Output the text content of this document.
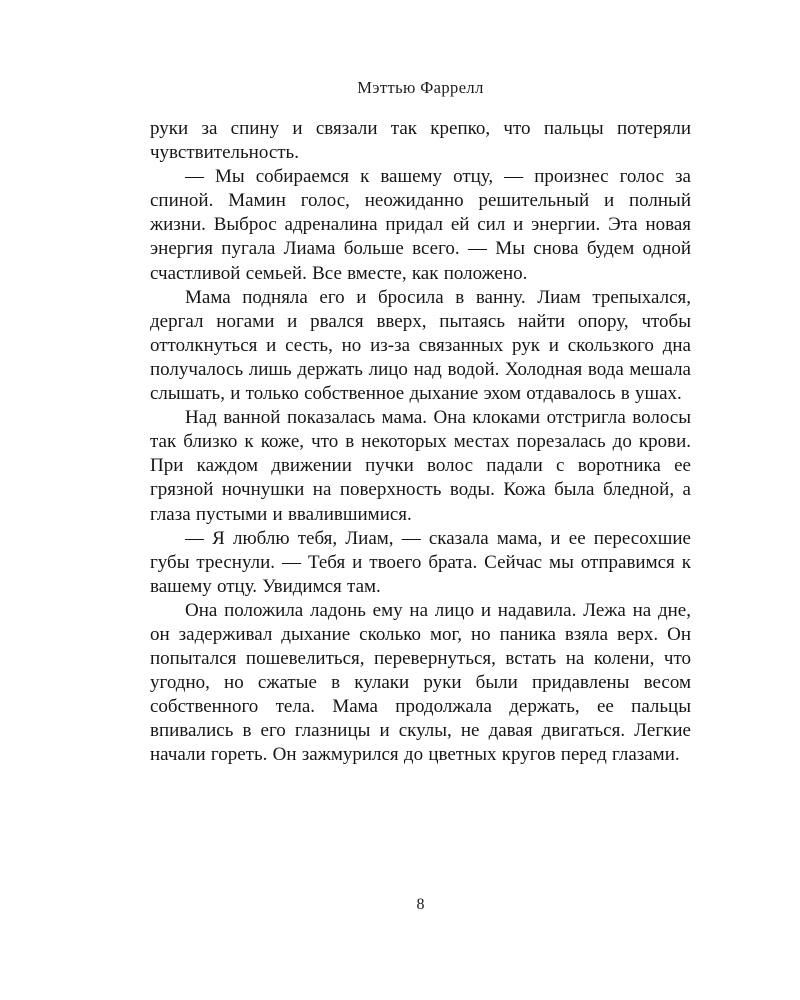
Мэттью Фаррелл

руки за спину и связали так крепко, что пальцы потеряли чувствительность.

— Мы собираемся к вашему отцу, — произнес голос за спиной. Мамин голос, неожиданно решительный и полный жизни. Выброс адреналина придал ей сил и энергии. Эта новая энергия пугала Лиама больше всего. — Мы снова будем одной счастливой семьей. Все вместе, как положено.

Мама подняла его и бросила в ванну. Лиам трепыхался, дергал ногами и рвался вверх, пытаясь найти опору, чтобы оттолкнуться и сесть, но из-за связанных рук и скользкого дна получалось лишь держать лицо над водой. Холодная вода мешала слышать, и только собственное дыхание эхом отдавалось в ушах.

Над ванной показалась мама. Она клоками отстригла волосы так близко к коже, что в некоторых местах порезалась до крови. При каждом движении пучки волос падали с воротника ее грязной ночнушки на поверхность воды. Кожа была бледной, а глаза пустыми и ввалившимися.

— Я люблю тебя, Лиам, — сказала мама, и ее пересохшие губы треснули. — Тебя и твоего брата. Сейчас мы отправимся к вашему отцу. Увидимся там.

Она положила ладонь ему на лицо и надавила. Лежа на дне, он задерживал дыхание сколько мог, но паника взяла верх. Он попытался пошевелиться, перевернуться, встать на колени, что угодно, но сжатые в кулаки руки были придавлены весом собственного тела. Мама продолжала держать, ее пальцы впивались в его глазницы и скулы, не давая двигаться. Легкие начали гореть. Он зажмурился до цветных кругов перед глазами.

8
